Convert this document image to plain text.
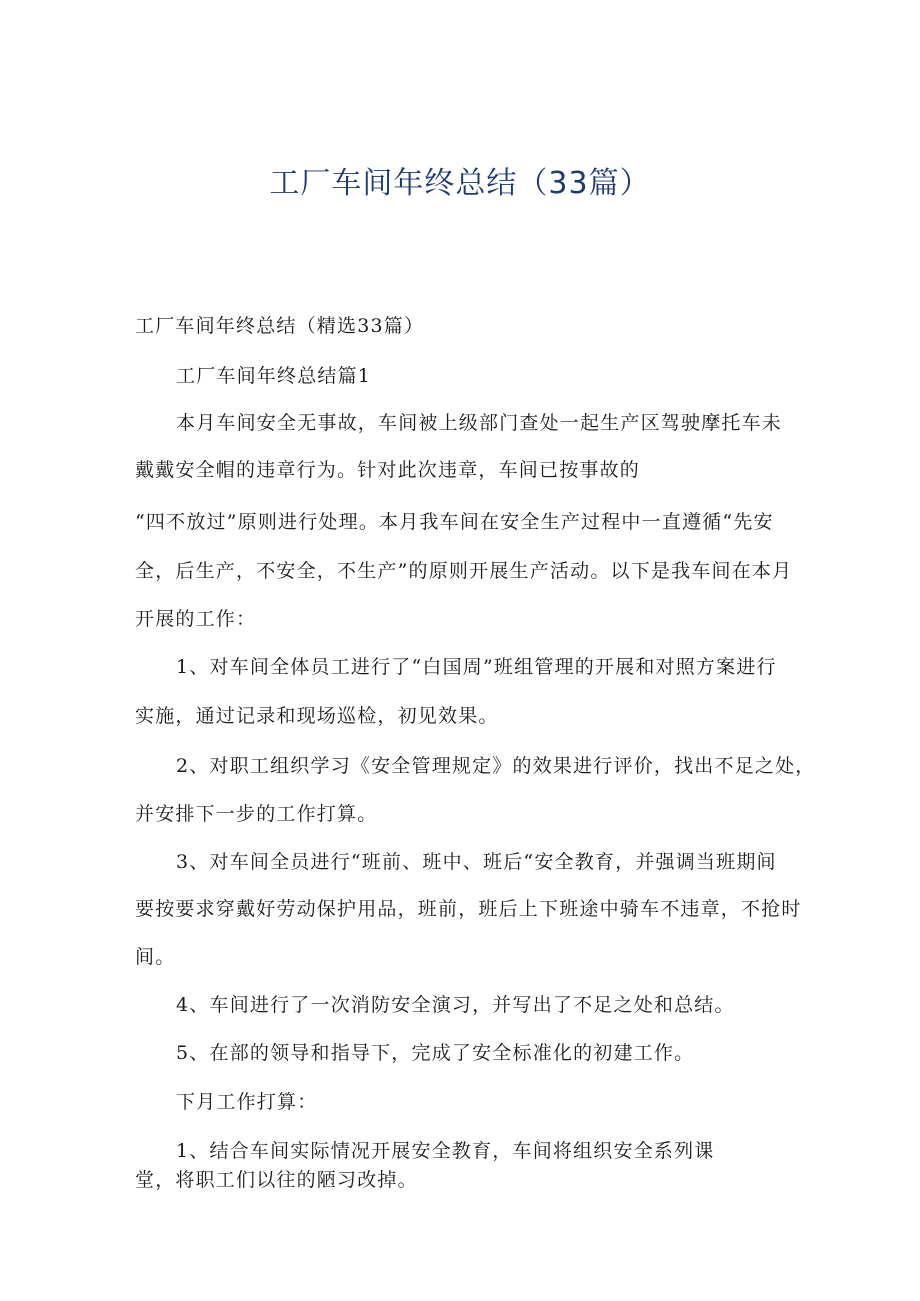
工厂车间年终总结（33篇）

工厂车间年终总结（精选33篇）

工厂车间年终总结篇1

本月车间安全无事故，车间被上级部门查处一起生产区驾驶摩托车未

戴戴安全帽的违章行为。针对此次违章，车间已按事故的

“四不放过”原则进行处理。本月我车间在安全生产过程中一直遵循“先安

全，后生产，不安全，不生产”的原则开展生产活动。以下是我车间在本月

开展的工作：

1、对车间全体员工进行了“白国周”班组管理的开展和对照方案进行

实施，通过记录和现场巡检，初见效果。

2、对职工组织学习《安全管理规定》的效果进行评价，找出不足之处，

并安排下一步的工作打算。

3、对车间全员进行“班前、班中、班后“安全教育，并强调当班期间

要按要求穿戴好劳动保护用品，班前，班后上下班途中骑车不违章，不抢时

间。

4、车间进行了一次消防安全演习，并写出了不足之处和总结。

5、在部的领导和指导下，完成了安全标准化的初建工作。

下月工作打算：

1、结合车间实际情况开展安全教育，车间将组织安全系列课

堂，将职工们以往的陋习改掉。
